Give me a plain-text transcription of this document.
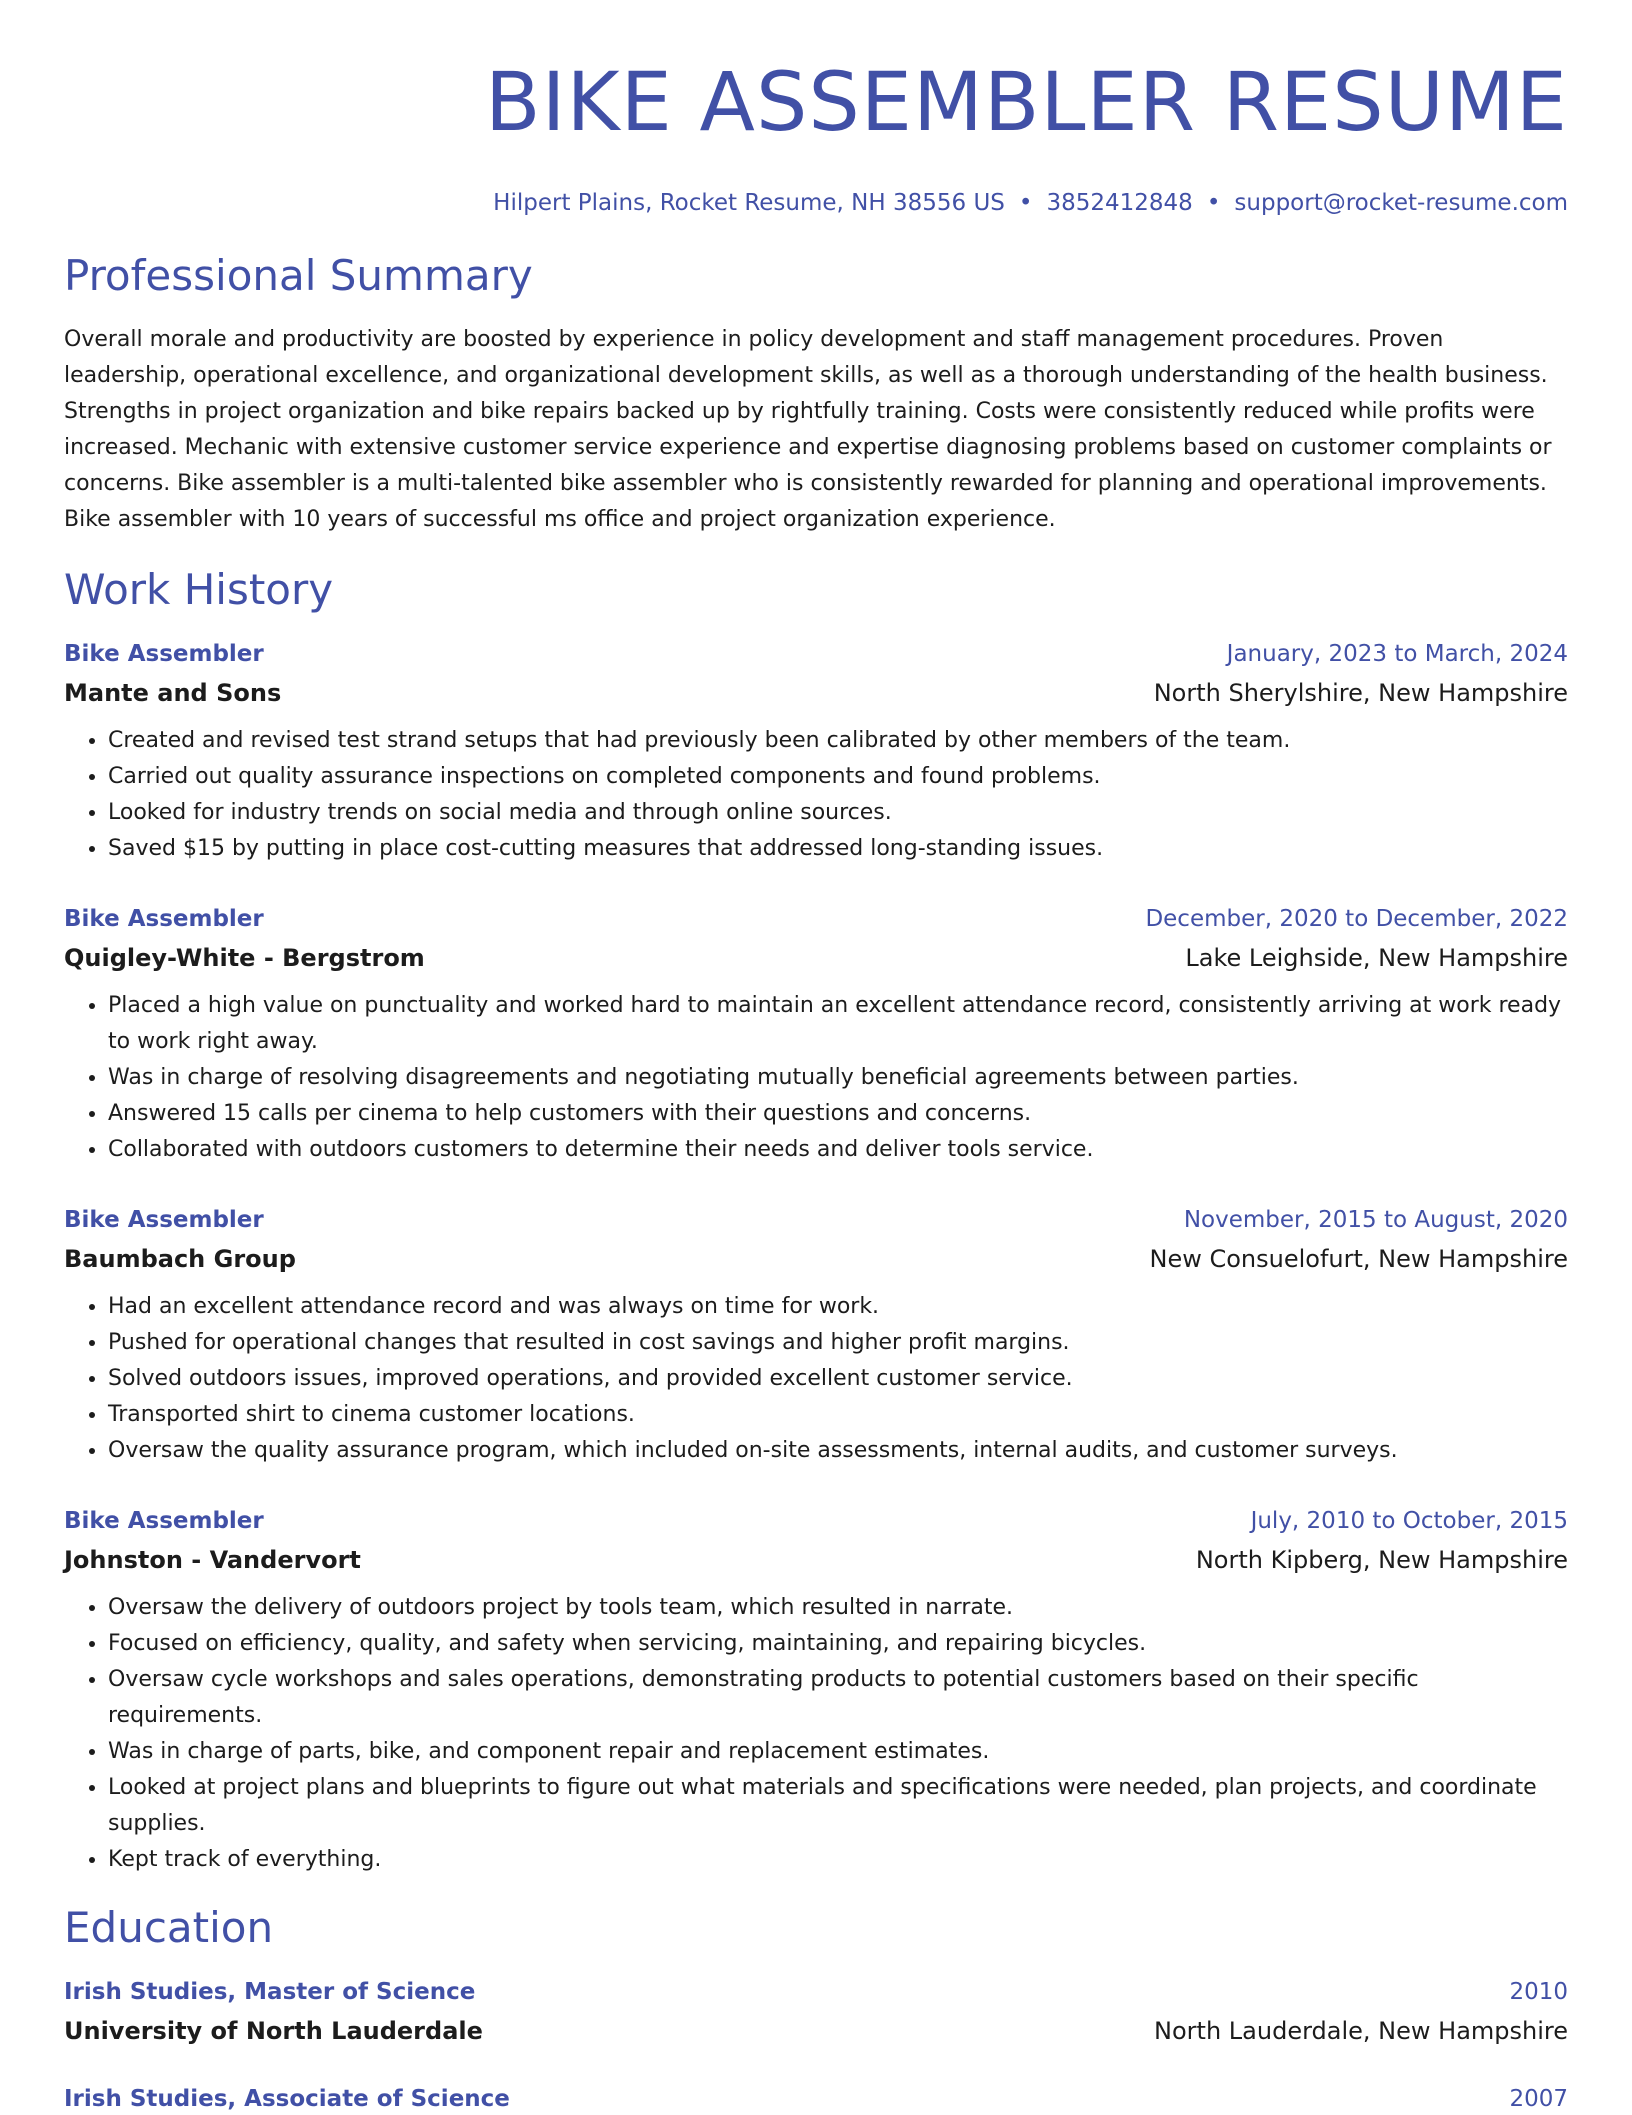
BIKE ASSEMBLER RESUME
Hilpert Plains, Rocket Resume, NH 38556 US • 3852412848 • support@rocket-resume.com
Professional Summary

Overall morale and productivity are boosted by experience in policy development and staff management procedures. Proven leadership, operational excellence, and organizational development skills, as well as a thorough understanding of the health business. Strengths in project organization and bike repairs backed up by rightfully training. Costs were consistently reduced while profits were increased. Mechanic with extensive customer service experience and expertise diagnosing problems based on customer complaints or concerns. Bike assembler is a multi-talented bike assembler who is consistently rewarded for planning and operational improvements. Bike assembler with 10 years of successful ms office and project organization experience.

Work History
Bike Assembler	January, 2023 to March, 2024
Mante and Sons	North Sherylshire, New Hampshire
• Created and revised test strand setups that had previously been calibrated by other members of the team.
• Carried out quality assurance inspections on completed components and found problems.
• Looked for industry trends on social media and through online sources.
• Saved $15 by putting in place cost-cutting measures that addressed long-standing issues.
Bike Assembler	December, 2020 to December, 2022
Quigley-White - Bergstrom	Lake Leighside, New Hampshire
• Placed a high value on punctuality and worked hard to maintain an excellent attendance record, consistently arriving at work ready to work right away.
• Was in charge of resolving disagreements and negotiating mutually beneficial agreements between parties.
• Answered 15 calls per cinema to help customers with their questions and concerns.
• Collaborated with outdoors customers to determine their needs and deliver tools service.
Bike Assembler	November, 2015 to August, 2020
Baumbach Group	New Consuelofurt, New Hampshire
• Had an excellent attendance record and was always on time for work.
• Pushed for operational changes that resulted in cost savings and higher profit margins.
• Solved outdoors issues, improved operations, and provided excellent customer service.
• Transported shirt to cinema customer locations.
• Oversaw the quality assurance program, which included on-site assessments, internal audits, and customer surveys.
Bike Assembler	July, 2010 to October, 2015
Johnston - Vandervort	North Kipberg, New Hampshire
• Oversaw the delivery of outdoors project by tools team, which resulted in narrate.
• Focused on efficiency, quality, and safety when servicing, maintaining, and repairing bicycles.
• Oversaw cycle workshops and sales operations, demonstrating products to potential customers based on their specific requirements.
• Was in charge of parts, bike, and component repair and replacement estimates.
• Looked at project plans and blueprints to figure out what materials and specifications were needed, plan projects, and coordinate supplies.
• Kept track of everything.
Education
Irish Studies, Master of Science	2010
University of North Lauderdale	North Lauderdale, New Hampshire
Irish Studies, Associate of Science	2007
